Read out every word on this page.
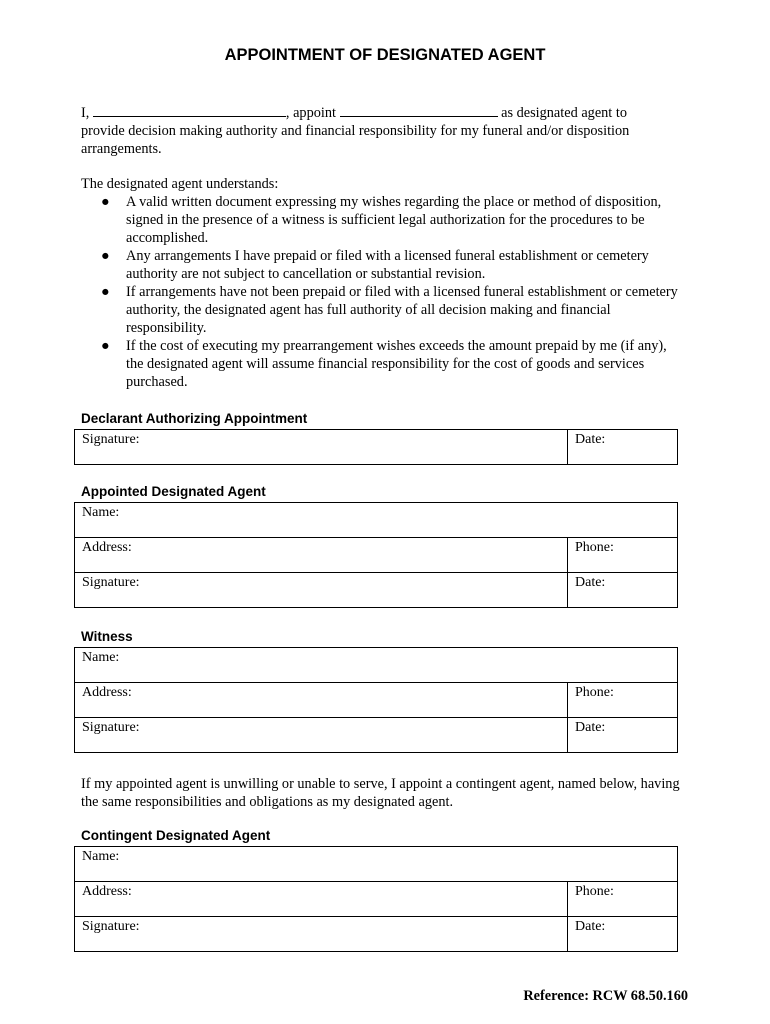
APPOINTMENT OF DESIGNATED AGENT
I,	, appoint	as designated agent to
provide decision making authority and financial responsibility for my funeral and/or disposition
arrangements.
The designated agent understands:
● A valid written document expressing my wishes regarding the place or method of disposition, signed in the presence of a witness is sufficient legal authorization for the procedures to be accomplished.
● Any arrangements I have prepaid or filed with a licensed funeral establishment or cemetery authority are not subject to cancellation or substantial revision.
● If arrangements have not been prepaid or filed with a licensed funeral establishment or cemetery authority, the designated agent has full authority of all decision making and financial responsibility.
● If the cost of executing my prearrangement wishes exceeds the amount prepaid by me (if any), the designated agent will assume financial responsibility for the cost of goods and services purchased.
Declarant Authorizing Appointment
Signature:	Date:
Appointed Designated Agent
Name:	
Address:	Phone:
Signature:	Date:
Witness
Name:	
Address:	Phone:
Signature:	Date:
If my appointed agent is unwilling or unable to serve, I appoint a contingent agent, named below, having the same responsibilities and obligations as my designated agent.
Contingent Designated Agent
Name:	
Address:	Phone:
Signature:	Date:
Reference: RCW 68.50.160
